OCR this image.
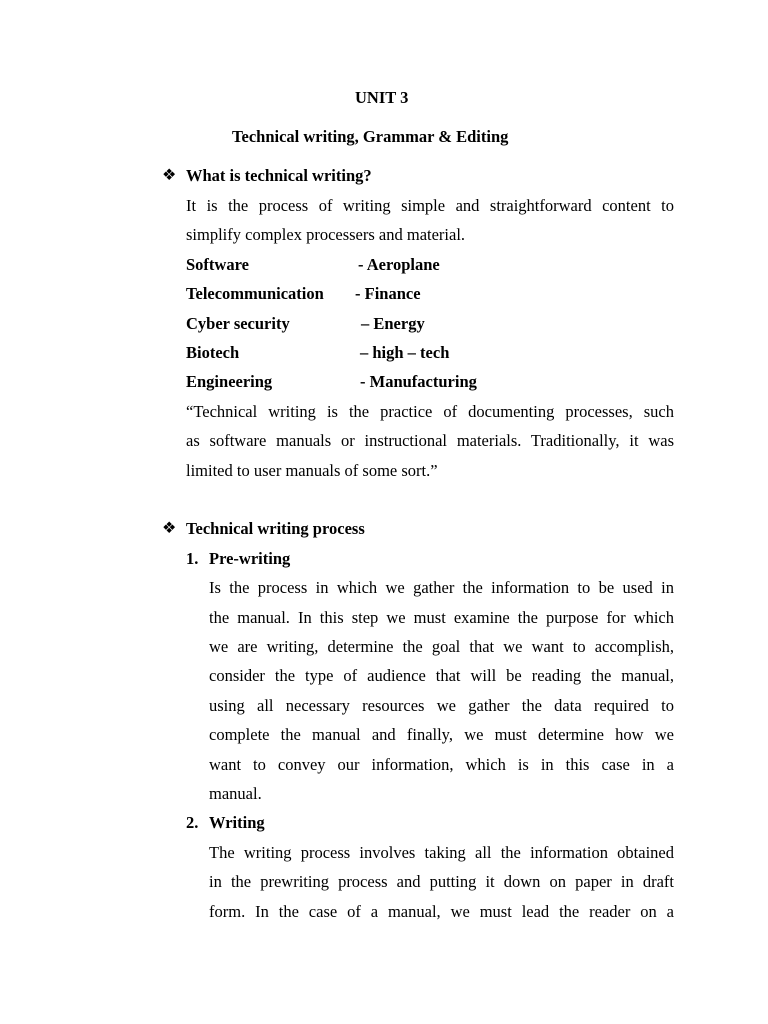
UNIT 3
Technical writing, Grammar & Editing
❖ What is technical writing?
It is the process of writing simple and straightforward content to
simplify complex processers and material.
Software	- Aeroplane
Telecommunication - Finance
Cyber security	– Energy
Biotech	– high – tech
Engineering	- Manufacturing
“Technical writing is the practice of documenting processes, such
as software manuals or instructional materials. Traditionally, it was
limited to user manuals of some sort.”
❖ Technical writing process
1. Pre-writing
Is the process in which we gather the information to be used in
the manual. In this step we must examine the purpose for which
we are writing, determine the goal that we want to accomplish,
consider the type of audience that will be reading the manual,
using all necessary resources we gather the data required to
complete the manual and finally, we must determine how we
want to convey our information, which is in this case in a
manual.
2. Writing
The writing process involves taking all the information obtained
in the prewriting process and putting it down on paper in draft
form. In the case of a manual, we must lead the reader on a
